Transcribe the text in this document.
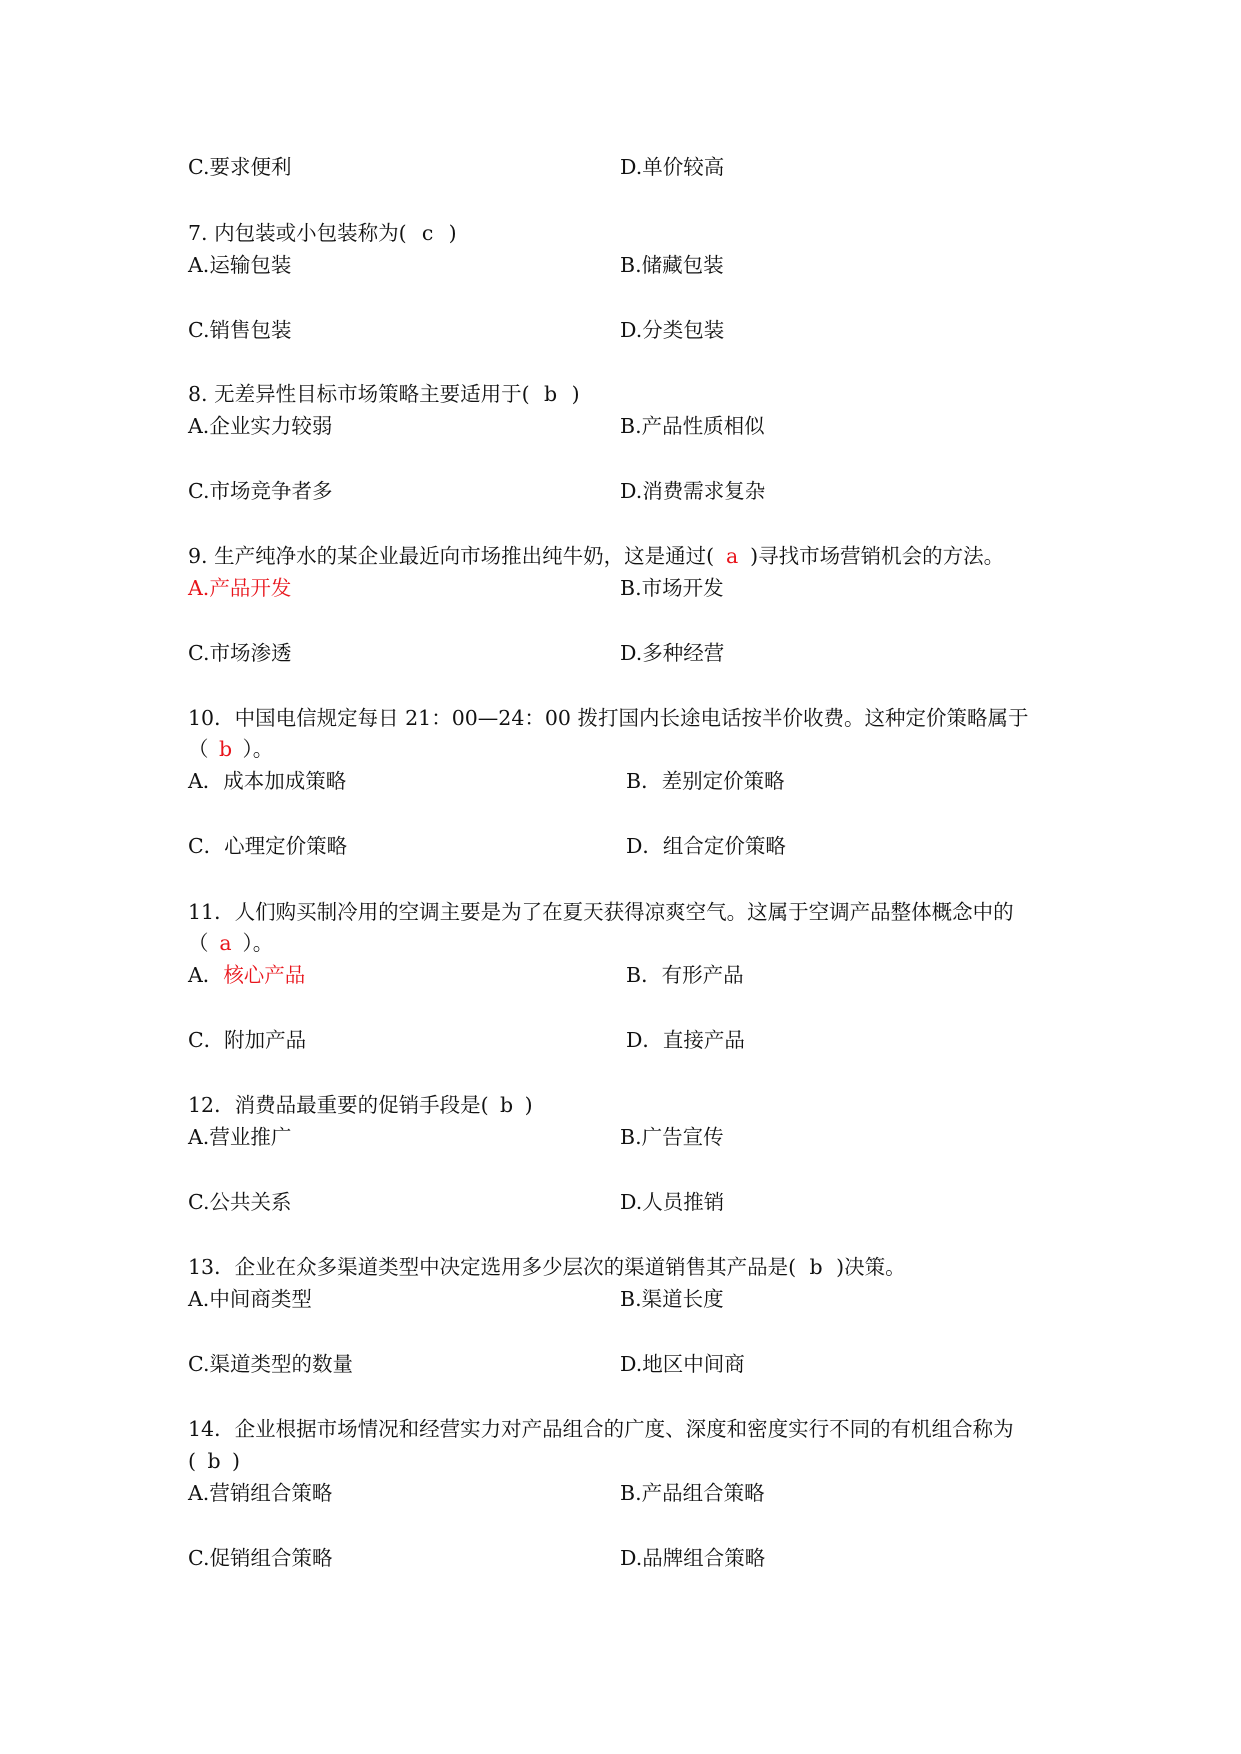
C.要求便利	D.单价较高
7. 内包装或小包装称为( c )
A.运输包装	B.储藏包装
C.销售包装	D.分类包装
8. 无差异性目标市场策略主要适用于( b )
A.企业实力较弱	B.产品性质相似
C.市场竞争者多	D.消费需求复杂
9. 生产纯净水的某企业最近向市场推出纯牛奶，这是通过( a )寻找市场营销机会的方法。
A.产品开发	B.市场开发
C.市场渗透	D.多种经营
10．中国电信规定每日 21：00—24：00 拨打国内长途电话按半价收费。这种定价策略属于
（ b ）。
A．成本加成策略	B．差别定价策略
C．心理定价策略	D．组合定价策略
11．人们购买制冷用的空调主要是为了在夏天获得凉爽空气。这属于空调产品整体概念中的
（ a ）。
A．核心产品	B．有形产品
C．附加产品	D．直接产品
12．消费品最重要的促销手段是( b )
A.营业推广	B.广告宣传
C.公共关系	D.人员推销
13．企业在众多渠道类型中决定选用多少层次的渠道销售其产品是( b )决策。
A.中间商类型	B.渠道长度
C.渠道类型的数量	D.地区中间商
14．企业根据市场情况和经营实力对产品组合的广度、深度和密度实行不同的有机组合称为
( b )
A.营销组合策略	B.产品组合策略
C.促销组合策略	D.品牌组合策略
